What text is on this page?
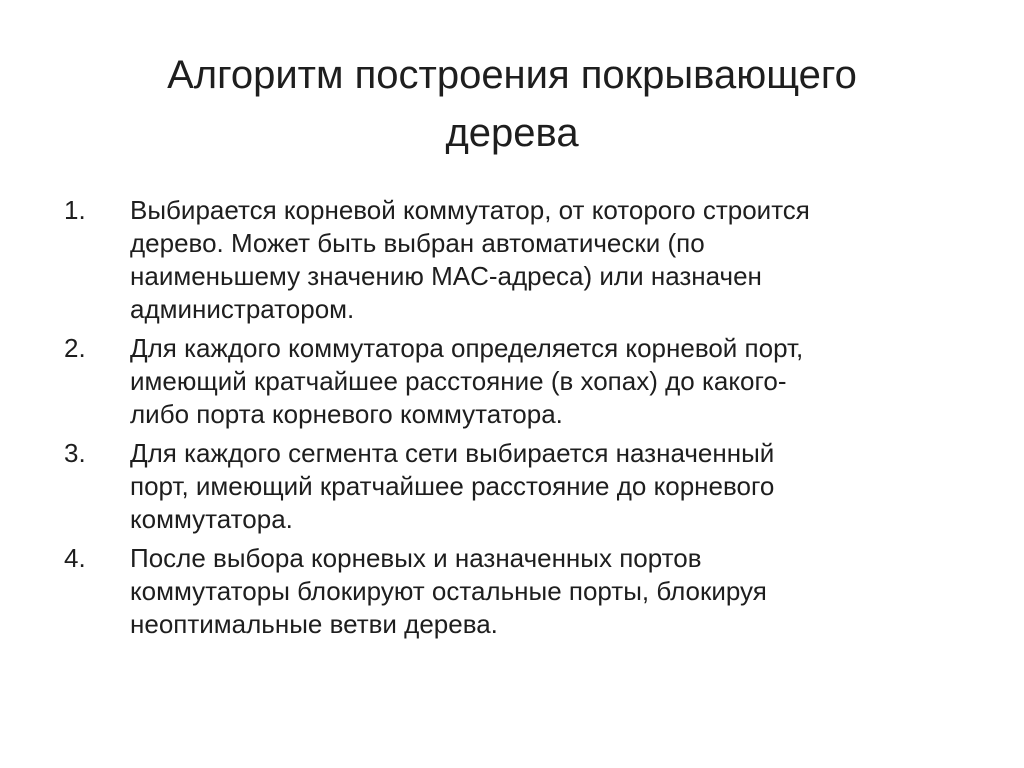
Алгоритм построения покрывающего
дерева
1.	Выбирается корневой коммутатор, от которого строится
дерево. Может быть выбран автоматически (по
наименьшему значению MAC-адреса) или назначен
администратором.
2.	Для каждого коммутатора определяется корневой порт,
имеющий кратчайшее расстояние (в хопах) до какого-
либо порта корневого коммутатора.
3.	Для каждого сегмента сети выбирается назначенный
порт, имеющий кратчайшее расстояние до корневого
коммутатора.
4.	После выбора корневых и назначенных портов
коммутаторы блокируют остальные порты, блокируя
неоптимальные ветви дерева.
